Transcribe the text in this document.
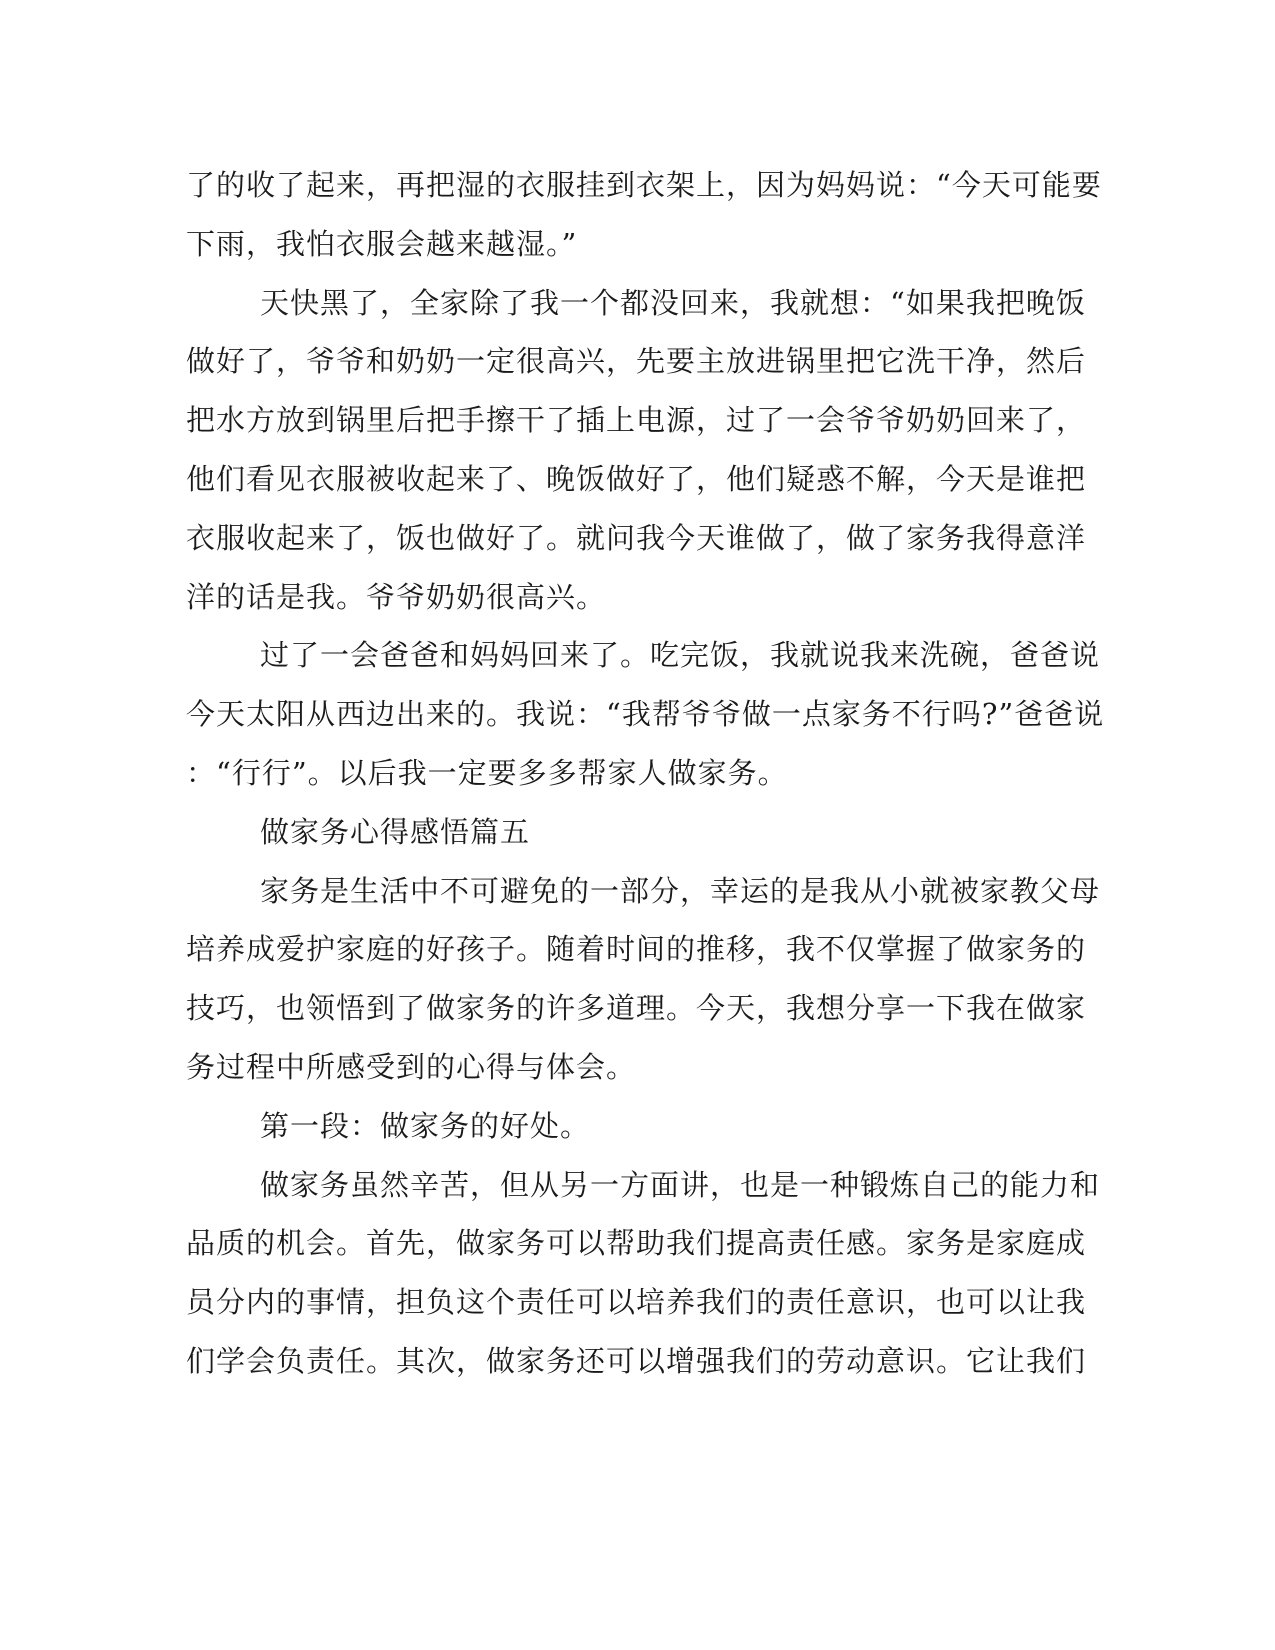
了的收了起来，再把湿的衣服挂到衣架上，因为妈妈说：“今天可能要
下雨，我怕衣服会越来越湿。”
天快黑了，全家除了我一个都没回来，我就想：“如果我把晚饭
做好了，爷爷和奶奶一定很高兴，先要主放进锅里把它洗干净，然后
把水方放到锅里后把手擦干了插上电源，过了一会爷爷奶奶回来了，
他们看见衣服被收起来了、晚饭做好了，他们疑惑不解，今天是谁把
衣服收起来了，饭也做好了。就问我今天谁做了，做了家务我得意洋
洋的话是我。爷爷奶奶很高兴。
过了一会爸爸和妈妈回来了。吃完饭，我就说我来洗碗，爸爸说
今天太阳从西边出来的。我说：“我帮爷爷做一点家务不行吗?”爸爸说
：“行行”。以后我一定要多多帮家人做家务。
做家务心得感悟篇五
家务是生活中不可避免的一部分，幸运的是我从小就被家教父母
培养成爱护家庭的好孩子。随着时间的推移，我不仅掌握了做家务的
技巧，也领悟到了做家务的许多道理。今天，我想分享一下我在做家
务过程中所感受到的心得与体会。
第一段：做家务的好处。
做家务虽然辛苦，但从另一方面讲，也是一种锻炼自己的能力和
品质的机会。首先，做家务可以帮助我们提高责任感。家务是家庭成
员分内的事情，担负这个责任可以培养我们的责任意识，也可以让我
们学会负责任。其次，做家务还可以增强我们的劳动意识。它让我们
